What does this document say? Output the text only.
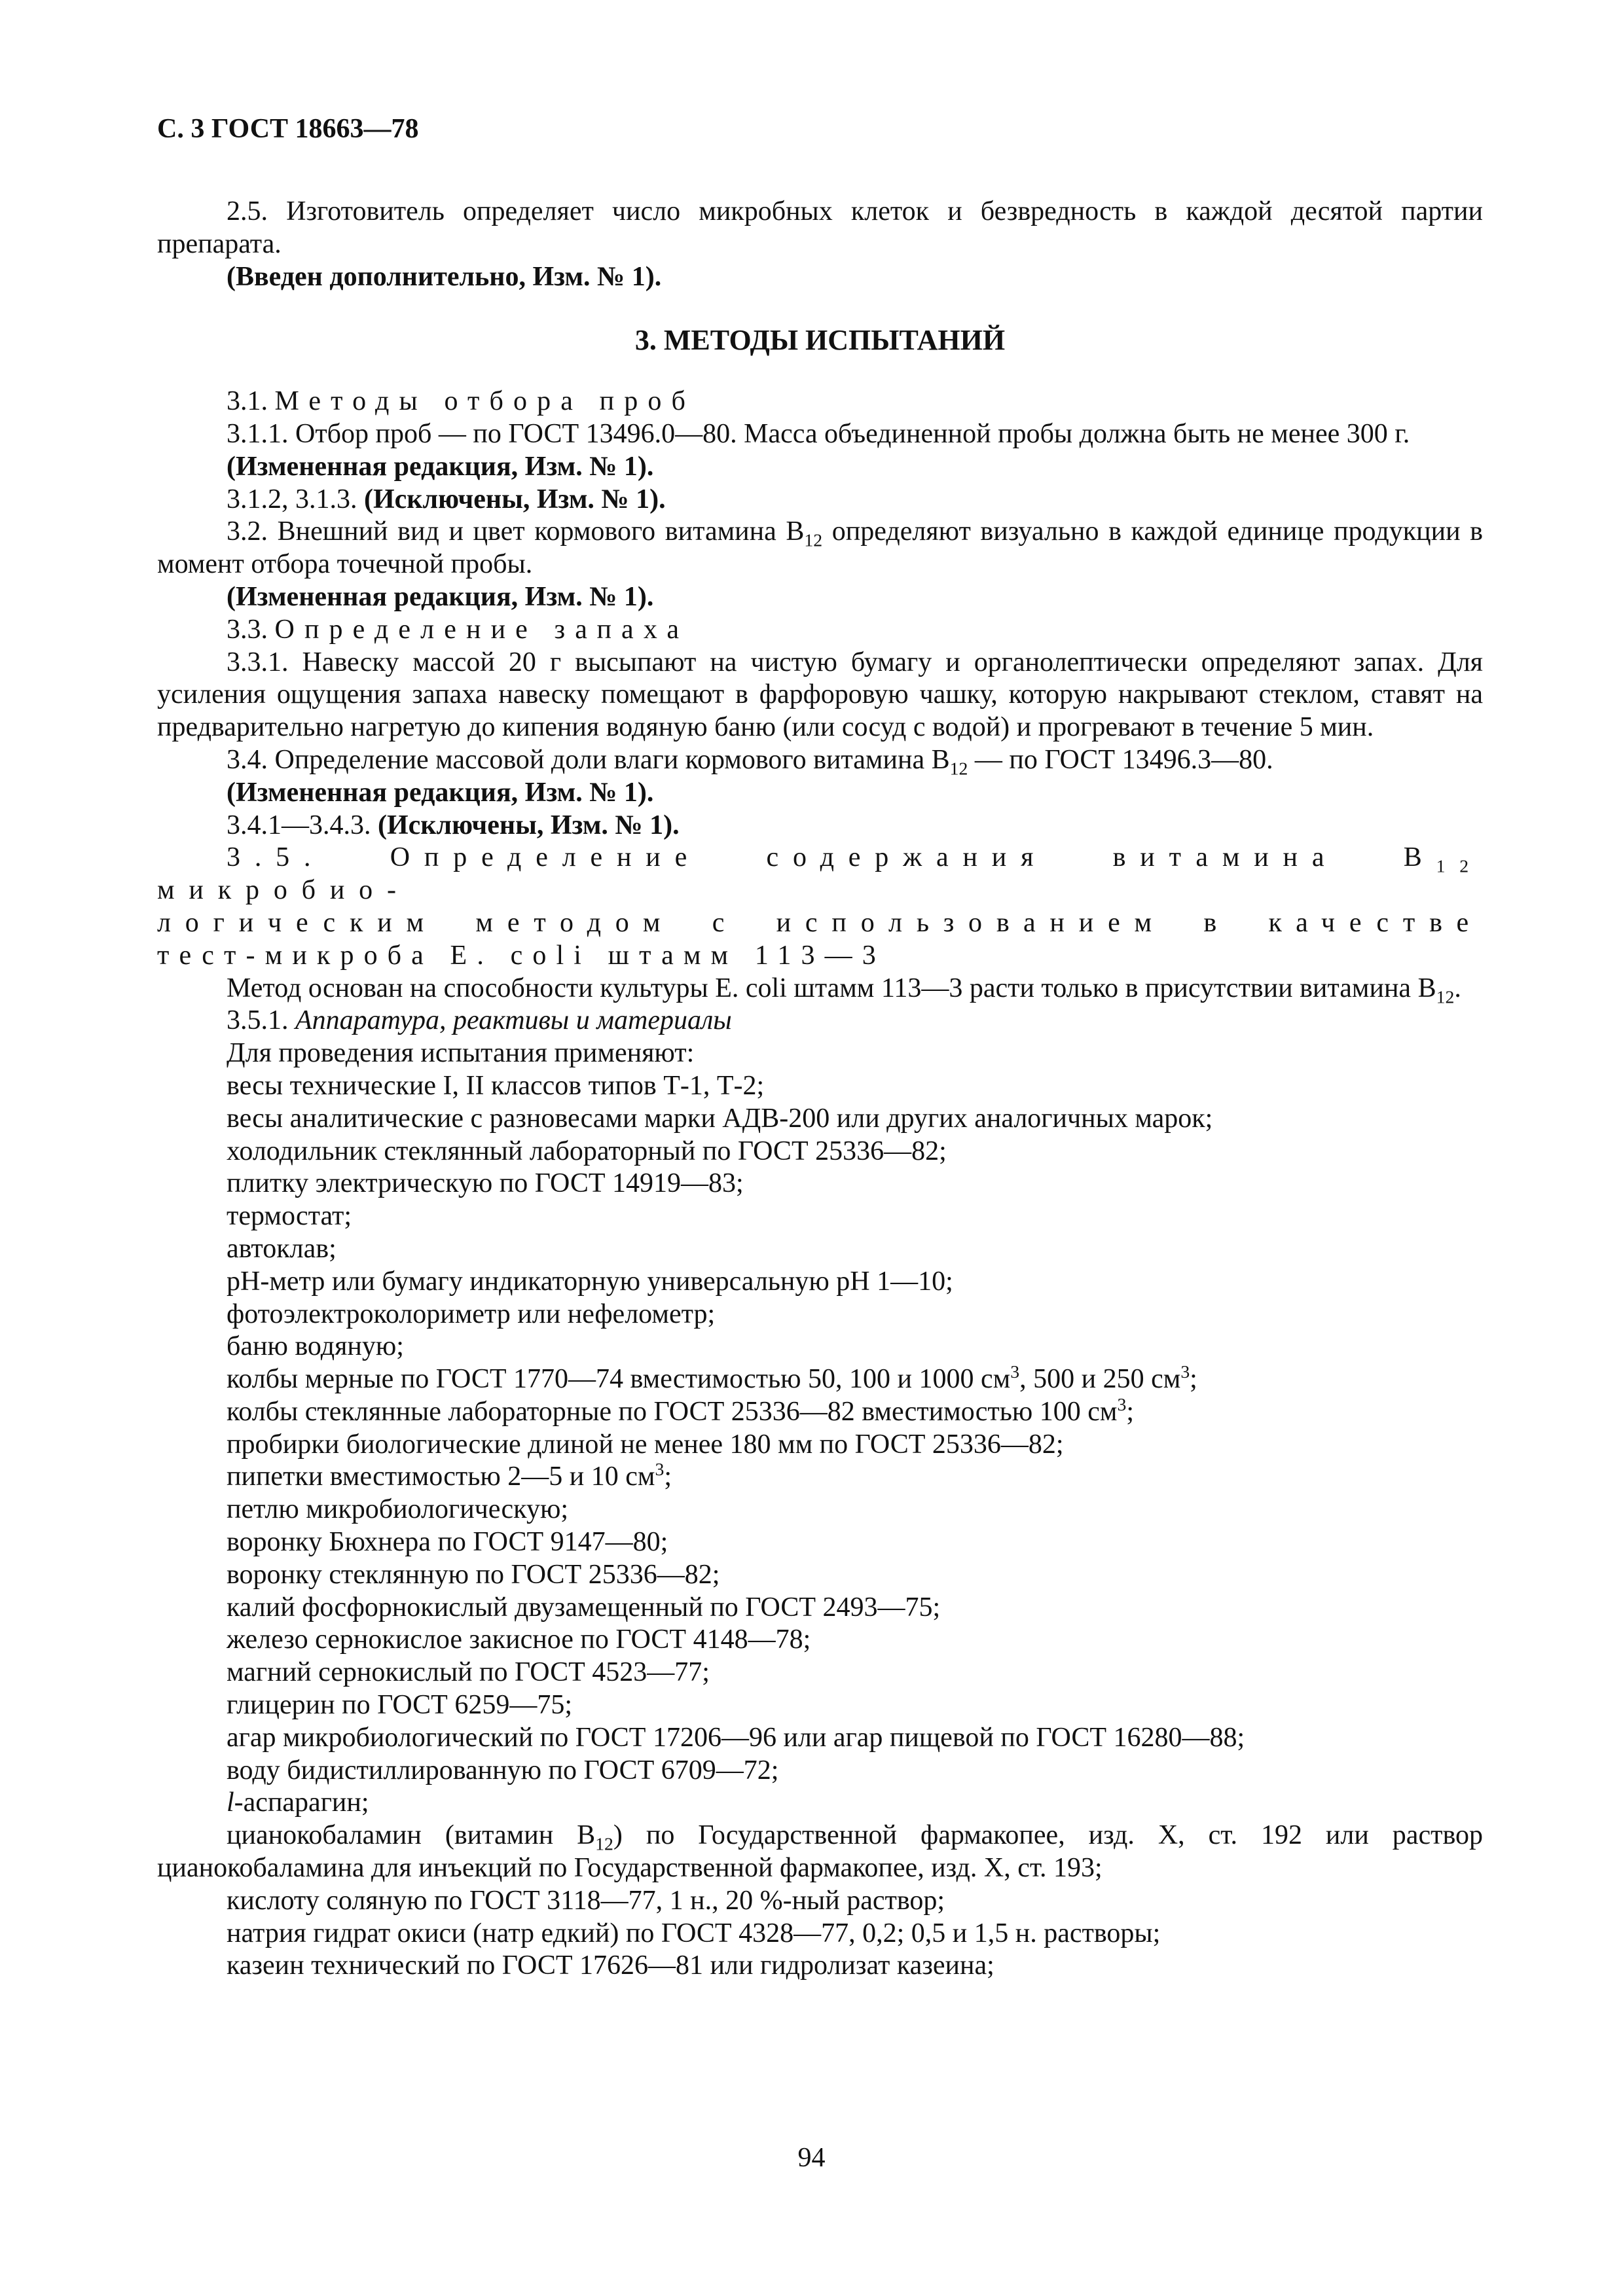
С. 3 ГОСТ 18663—78

2.5. Изготовитель определяет число микробных клеток и безвредность в каждой десятой партии препарата.

(Введен дополнительно, Изм. № 1).

3. МЕТОДЫ ИСПЫТАНИЙ

3.1. Методы отбора проб

3.1.1. Отбор проб — по ГОСТ 13496.0—80. Масса объединенной пробы должна быть не менее 300 г.

(Измененная редакция, Изм. № 1).

3.1.2, 3.1.3. (Исключены, Изм. № 1).

3.2. Внешний вид и цвет кормового витамина $B_{12}$ определяют визуально в каждой единице продукции в момент отбора точечной пробы.

(Измененная редакция, Изм. № 1).

3.3. Определение запаха

3.3.1. Навеску массой 20 г высыпают на чистую бумагу и органолептически определяют запах. Для усиления ощущения запаха навеску помещают в фарфоровую чашку, которую накрывают стеклом, ставят на предварительно нагретую до кипения водяную баню (или сосуд с водой) и прогревают в течение 5 мин.

3.4. Определение массовой доли влаги кормового витамина $B_{12}$ — по ГОСТ 13496.3—80.

(Измененная редакция, Изм. № 1).

3.4.1—3.4.3. (Исключены, Изм. № 1).

3.5. Определение содержания витамина $B_{12}$ микробио-

логическим методом с использованием в качестве

тест-микроба E. coli штамм 113—3

Метод основан на способности культуры E. coli штамм 113—3 расти только в присутствии витамина $B_{12}$.

3.5.1. Аппаратура, реактивы и материалы

Для проведения испытания применяют:

весы технические I, II классов типов Т-1, Т-2;

весы аналитические с разновесами марки АДВ-200 или других аналогичных марок;

холодильник стеклянный лабораторный по ГОСТ 25336—82;

плитку электрическую по ГОСТ 14919—83;

термостат;

автоклав;

pH-метр или бумагу индикаторную универсальную pH 1—10;

фотоэлектроколориметр или нефелометр;

баню водяную;

колбы мерные по ГОСТ 1770—74 вместимостью 50, 100 и 1000 $см^3$, 500 и 250 $см^3$;

колбы стеклянные лабораторные по ГОСТ 25336—82 вместимостью 100 $см^3$;

пробирки биологические длиной не менее 180 мм по ГОСТ 25336—82;

пипетки вместимостью 2—5 и 10 $см^3$;

петлю микробиологическую;

воронку Бюхнера по ГОСТ 9147—80;

воронку стеклянную по ГОСТ 25336—82;

калий фосфорнокислый двузамещенный по ГОСТ 2493—75;

железо сернокислое закисное по ГОСТ 4148—78;

магний сернокислый по ГОСТ 4523—77;

глицерин по ГОСТ 6259—75;

агар микробиологический по ГОСТ 17206—96 или агар пищевой по ГОСТ 16280—88;

воду бидистиллированную по ГОСТ 6709—72;

l-аспарагин;

цианокобаламин (витамин $B_{12}$) по Государственной фармакопее, изд. X, ст. 192 или раствор цианокобаламина для инъекций по Государственной фармакопее, изд. X, ст. 193;

кислоту соляную по ГОСТ 3118—77, 1 н., 20 %-ный раствор;

натрия гидрат окиси (натр едкий) по ГОСТ 4328—77, 0,2; 0,5 и 1,5 н. растворы;

казеин технический по ГОСТ 17626—81 или гидролизат казеина;

94
